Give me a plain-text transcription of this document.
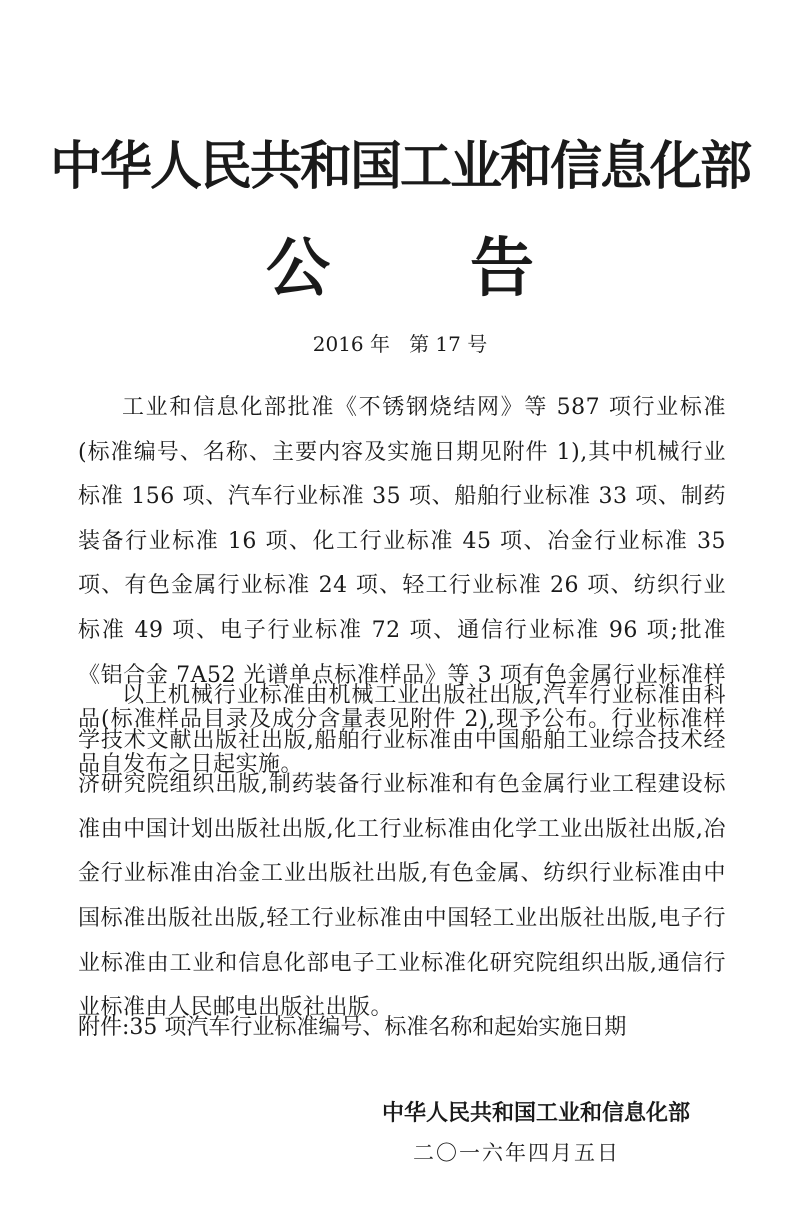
中华人民共和国工业和信息化部
公告
2016 年   第 17 号

工业和信息化部批准《不锈钢烧结网》等 587 项行业标准(标准编号、名称、主要内容及实施日期见附件 1),其中机械行业标准 156 项、汽车行业标准 35 项、船舶行业标准 33 项、制药装备行业标准 16 项、化工行业标准 45 项、冶金行业标准 35 项、有色金属行业标准 24 项、轻工行业标准 26 项、纺织行业标准 49 项、电子行业标准 72 项、通信行业标准 96 项;批准《铝合金 7A52 光谱单点标准样品》等 3 项有色金属行业标准样品(标准样品目录及成分含量表见附件 2),现予公布。行业标准样品自发布之日起实施。

以上机械行业标准由机械工业出版社出版,汽车行业标准由科学技术文献出版社出版,船舶行业标准由中国船舶工业综合技术经济研究院组织出版,制药装备行业标准和有色金属行业工程建设标准由中国计划出版社出版,化工行业标准由化学工业出版社出版,冶金行业标准由冶金工业出版社出版,有色金属、纺织行业标准由中国标准出版社出版,轻工行业标准由中国轻工业出版社出版,电子行业标准由工业和信息化部电子工业标准化研究院组织出版,通信行业标准由人民邮电出版社出版。

附件:35 项汽车行业标准编号、标准名称和起始实施日期
中华人民共和国工业和信息化部
二〇一六年四月五日
